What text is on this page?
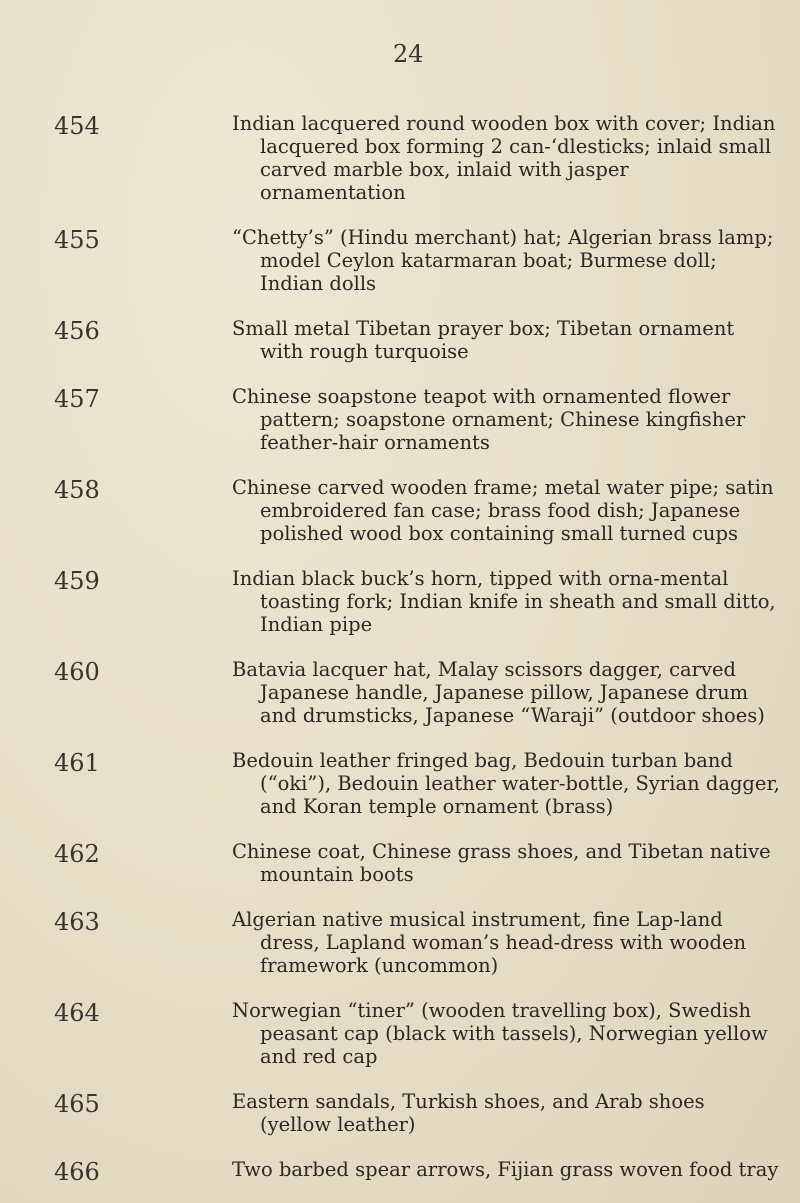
24
454	Indian lacquered round wooden box with cover; Indian lacquered box forming 2 can-‘dlesticks; inlaid small carved marble box, inlaid with jasper ornamentation
455	“Chetty’s” (Hindu merchant) hat; Algerian brass lamp; model Ceylon katarmaran boat; Burmese doll; Indian dolls
456	Small metal Tibetan prayer box; Tibetan ornament with rough turquoise
457	Chinese soapstone teapot with ornamented flower pattern; soapstone ornament; Chinese kingfisher feather-hair ornaments
458	Chinese carved wooden frame; metal water pipe; satin embroidered fan case; brass food dish; Japanese polished wood box containing small turned cups
459	Indian black buck’s horn, tipped with orna-mental toasting fork; Indian knife in sheath and small ditto, Indian pipe
460	Batavia lacquer hat, Malay scissors dagger, carved Japanese handle, Japanese pillow, Japanese drum and drumsticks, Japanese “Waraji” (outdoor shoes)
461	Bedouin leather fringed bag, Bedouin turban band (“oki”), Bedouin leather water-bottle, Syrian dagger, and Koran temple ornament (brass)
462	Chinese coat, Chinese grass shoes, and Tibetan native mountain boots
463	Algerian native musical instrument, fine Lap-land dress, Lapland woman’s head-dress with wooden framework (uncommon)
464	Norwegian “tiner” (wooden travelling box), Swedish peasant cap (black with tassels), Norwegian yellow and red cap
465	Eastern sandals, Turkish shoes, and Arab shoes (yellow leather)
466	Two barbed spear arrows, Fijian grass woven food tray
